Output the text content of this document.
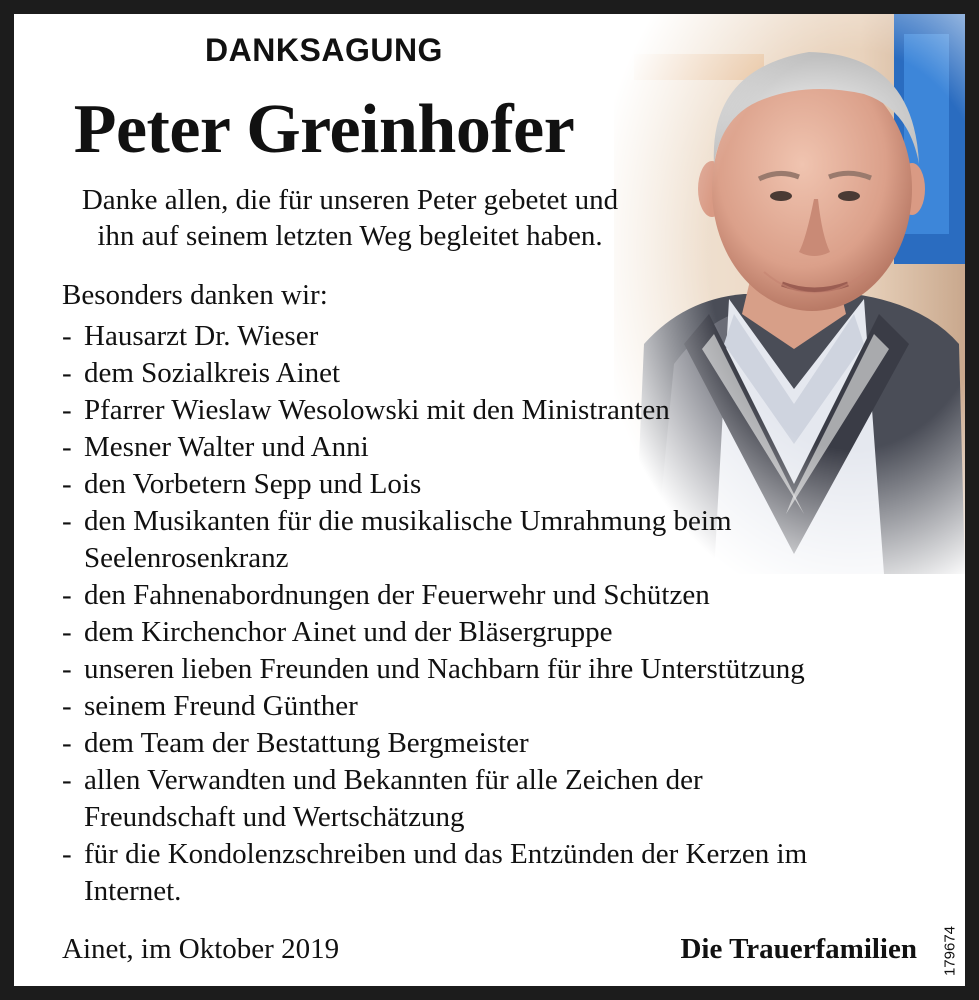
DANKSAGUNG
Peter Greinhofer
Danke allen, die für unseren Peter gebetet und
ihn auf seinem letzten Weg begleitet haben.
Besonders danken wir:
- Hausarzt Dr. Wieser
- dem Sozialkreis Ainet
- Pfarrer Wieslaw Wesolowski mit den Ministranten
- Mesner Walter und Anni
- den Vorbetern Sepp und Lois
- den Musikanten für die musikalische Umrahmung beim Seelenrosenkranz
- den Fahnenabordnungen der Feuerwehr und Schützen
- dem Kirchenchor Ainet und der Bläsergruppe
- unseren lieben Freunden und Nachbarn für ihre Unterstützung
- seinem Freund Günther
- dem Team der Bestattung Bergmeister
- allen Verwandten und Bekannten für alle Zeichen der Freundschaft und Wertschätzung
- für die Kondolenzschreiben und das Entzünden der Kerzen im Internet.
Ainet, im Oktober 2019	Die Trauerfamilien 179674
